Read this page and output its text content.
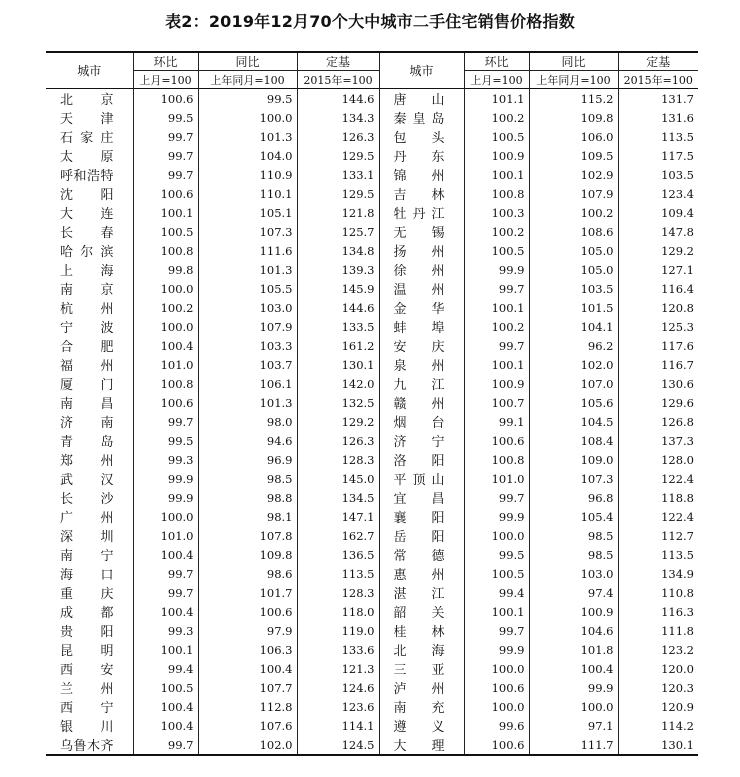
表2：2019年12月70个大中城市二手住宅销售价格指数
城市	环比	同比	定基	城市	环比	同比	定基
	上月=100	上年同月=100	2015年=100		上月=100	上年同月=100	2015年=100
北京	100.6	99.5	144.6	唐山	101.1	115.2	131.7
天津	99.5	100.0	134.3	秦皇岛	100.2	109.8	131.6
石家庄	99.7	101.3	126.3	包头	100.5	106.0	113.5
太原	99.7	104.0	129.5	丹东	100.9	109.5	117.5
呼和浩特	99.7	110.9	133.1	锦州	100.1	102.9	103.5
沈阳	100.6	110.1	129.5	吉林	100.8	107.9	123.4
大连	100.1	105.1	121.8	牡丹江	100.3	100.2	109.4
长春	100.5	107.3	125.7	无锡	100.2	108.6	147.8
哈尔滨	100.8	111.6	134.8	扬州	100.5	105.0	129.2
上海	99.8	101.3	139.3	徐州	99.9	105.0	127.1
南京	100.0	105.5	145.9	温州	99.7	103.5	116.4
杭州	100.2	103.0	144.6	金华	100.1	101.5	120.8
宁波	100.0	107.9	133.5	蚌埠	100.2	104.1	125.3
合肥	100.4	103.3	161.2	安庆	99.7	96.2	117.6
福州	101.0	103.7	130.1	泉州	100.1	102.0	116.7
厦门	100.8	106.1	142.0	九江	100.9	107.0	130.6
南昌	100.6	101.3	132.5	赣州	100.7	105.6	129.6
济南	99.7	98.0	129.2	烟台	99.1	104.5	126.8
青岛	99.5	94.6	126.3	济宁	100.6	108.4	137.3
郑州	99.3	96.9	128.3	洛阳	100.8	109.0	128.0
武汉	99.9	98.5	145.0	平顶山	101.0	107.3	122.4
长沙	99.9	98.8	134.5	宜昌	99.7	96.8	118.8
广州	100.0	98.1	147.1	襄阳	99.9	105.4	122.4
深圳	101.0	107.8	162.7	岳阳	100.0	98.5	112.7
南宁	100.4	109.8	136.5	常德	99.5	98.5	113.5
海口	99.7	98.6	113.5	惠州	100.5	103.0	134.9
重庆	99.7	101.7	128.3	湛江	99.4	97.4	110.8
成都	100.4	100.6	118.0	韶关	100.1	100.9	116.3
贵阳	99.3	97.9	119.0	桂林	99.7	104.6	111.8
昆明	100.1	106.3	133.6	北海	99.9	101.8	123.2
西安	99.4	100.4	121.3	三亚	100.0	100.4	120.0
兰州	100.5	107.7	124.6	泸州	100.6	99.9	120.3
西宁	100.4	112.8	123.6	南充	100.0	100.0	120.9
银川	100.4	107.6	114.1	遵义	99.6	97.1	114.2
乌鲁木齐	99.7	102.0	124.5	大理	100.6	111.7	130.1
